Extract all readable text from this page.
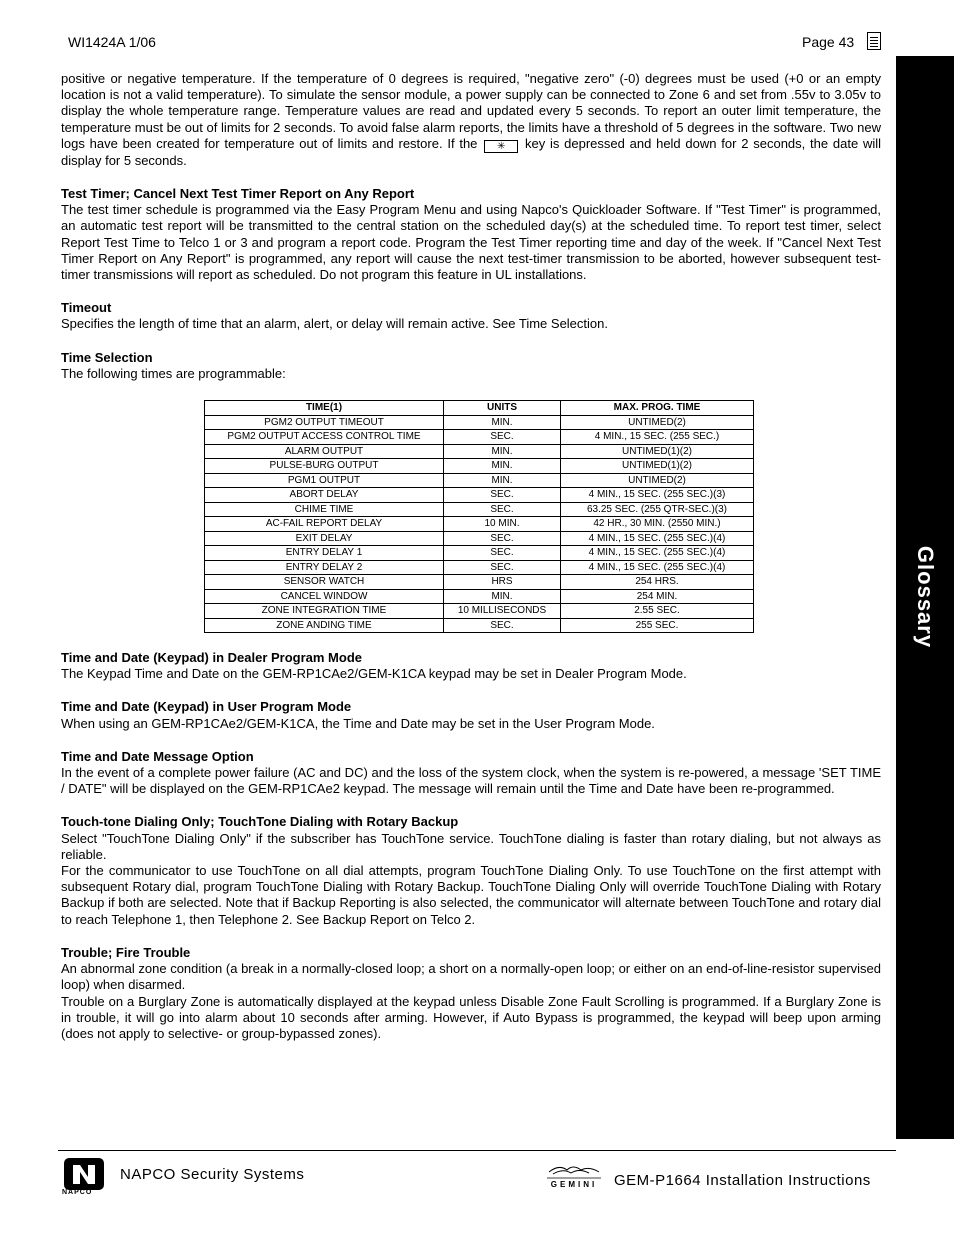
WI1424A 1/06	Page 43
Glossary

positive or negative temperature. If the temperature of 0 degrees is required, "negative zero" (-0) degrees must be used (+0 or an empty location is not a valid temperature). To simulate the sensor module, a power supply can be connected to Zone 6 and set from .55v to 3.05v to display the whole temperature range. Temperature values are read and updated every 5 seconds. To report an outer limit temperature, the temperature must be out of limits for 2 seconds. To avoid false alarm reports, the limits have a threshold of 5 degrees in the software. Two new logs have been created for temperature out of limits and restore. If the ✳ key is depressed and held down for 2 seconds, the date will display for 5 seconds.

Test Timer; Cancel Next Test Timer Report on Any Report

The test timer schedule is programmed via the Easy Program Menu and using Napco's Quickloader Software. If "Test Timer" is programmed, an automatic test report will be transmitted to the central station on the scheduled day(s) at the scheduled time. To report test timer, select Report Test Time to Telco 1 or 3 and program a report code. Program the Test Timer reporting time and day of the week. If "Cancel Next Test Timer Report on Any Report" is programmed, any report will cause the next test-timer transmission to be aborted, however subsequent test-timer transmissions will report as scheduled. Do not program this feature in UL installations.

Timeout

Specifies the length of time that an alarm, alert, or delay will remain active. See Time Selection.

Time Selection

The following times are programmable:

TIME(1)	UNITS	MAX. PROG. TIME
PGM2 OUTPUT TIMEOUT	MIN.	UNTIMED(2)
PGM2 OUTPUT ACCESS CONTROL TIME	SEC.	4 MIN., 15 SEC. (255 SEC.)
ALARM OUTPUT	MIN.	UNTIMED(1)(2)
PULSE-BURG OUTPUT	MIN.	UNTIMED(1)(2)
PGM1 OUTPUT	MIN.	UNTIMED(2)
ABORT DELAY	SEC.	4 MIN., 15 SEC. (255 SEC.)(3)
CHIME TIME	SEC.	63.25 SEC. (255 QTR-SEC.)(3)
AC-FAIL REPORT DELAY	10 MIN.	42 HR., 30 MIN. (2550 MIN.)
EXIT DELAY	SEC.	4 MIN., 15 SEC. (255 SEC.)(4)
ENTRY DELAY 1	SEC.	4 MIN., 15 SEC. (255 SEC.)(4)
ENTRY DELAY 2	SEC.	4 MIN., 15 SEC. (255 SEC.)(4)
SENSOR WATCH	HRS	254 HRS.
CANCEL WINDOW	MIN.	254 MIN.
ZONE INTEGRATION TIME	10 MILLISECONDS	2.55 SEC.
ZONE ANDING TIME	SEC.	255 SEC.

Time and Date (Keypad) in Dealer Program Mode

The Keypad Time and Date on the GEM-RP1CAe2/GEM-K1CA keypad may be set in Dealer Program Mode.

Time and Date (Keypad) in User Program Mode

When using an GEM-RP1CAe2/GEM-K1CA, the Time and Date may be set in the User Program Mode.

Time and Date Message Option

In the event of a complete power failure (AC and DC) and the loss of the system clock, when the system is re-powered, a message 'SET TIME / DATE" will be displayed on the GEM-RP1CAe2 keypad. The message will remain until the Time and Date have been re-programmed.

Touch-tone Dialing Only; TouchTone Dialing with Rotary Backup

Select "TouchTone Dialing Only" if the subscriber has TouchTone service. TouchTone dialing is faster than rotary dialing, but not always as reliable.

For the communicator to use TouchTone on all dial attempts, program TouchTone Dialing Only. To use TouchTone on the first attempt with subsequent Rotary dial, program TouchTone Dialing with Rotary Backup. TouchTone Dialing Only will override TouchTone Dialing with Rotary Backup if both are selected. Note that if Backup Reporting is also selected, the communicator will alternate between TouchTone and rotary dial to reach Telephone 1, then Telephone 2. See Backup Report on Telco 2.

Trouble; Fire Trouble

An abnormal zone condition (a break in a normally-closed loop; a short on a normally-open loop; or either on an end-of-line-resistor supervised loop) when disarmed.

Trouble on a Burglary Zone is automatically displayed at the keypad unless Disable Zone Fault Scrolling is programmed. If a Burglary Zone is in trouble, it will go into alarm about 10 seconds after arming. However, if Auto Bypass is programmed, the keypad will beep upon arming (does not apply to selective- or group-bypassed zones).

NAPCO
NAPCO Security Systems
GEMINI GEM-P1664 Installation Instructions
